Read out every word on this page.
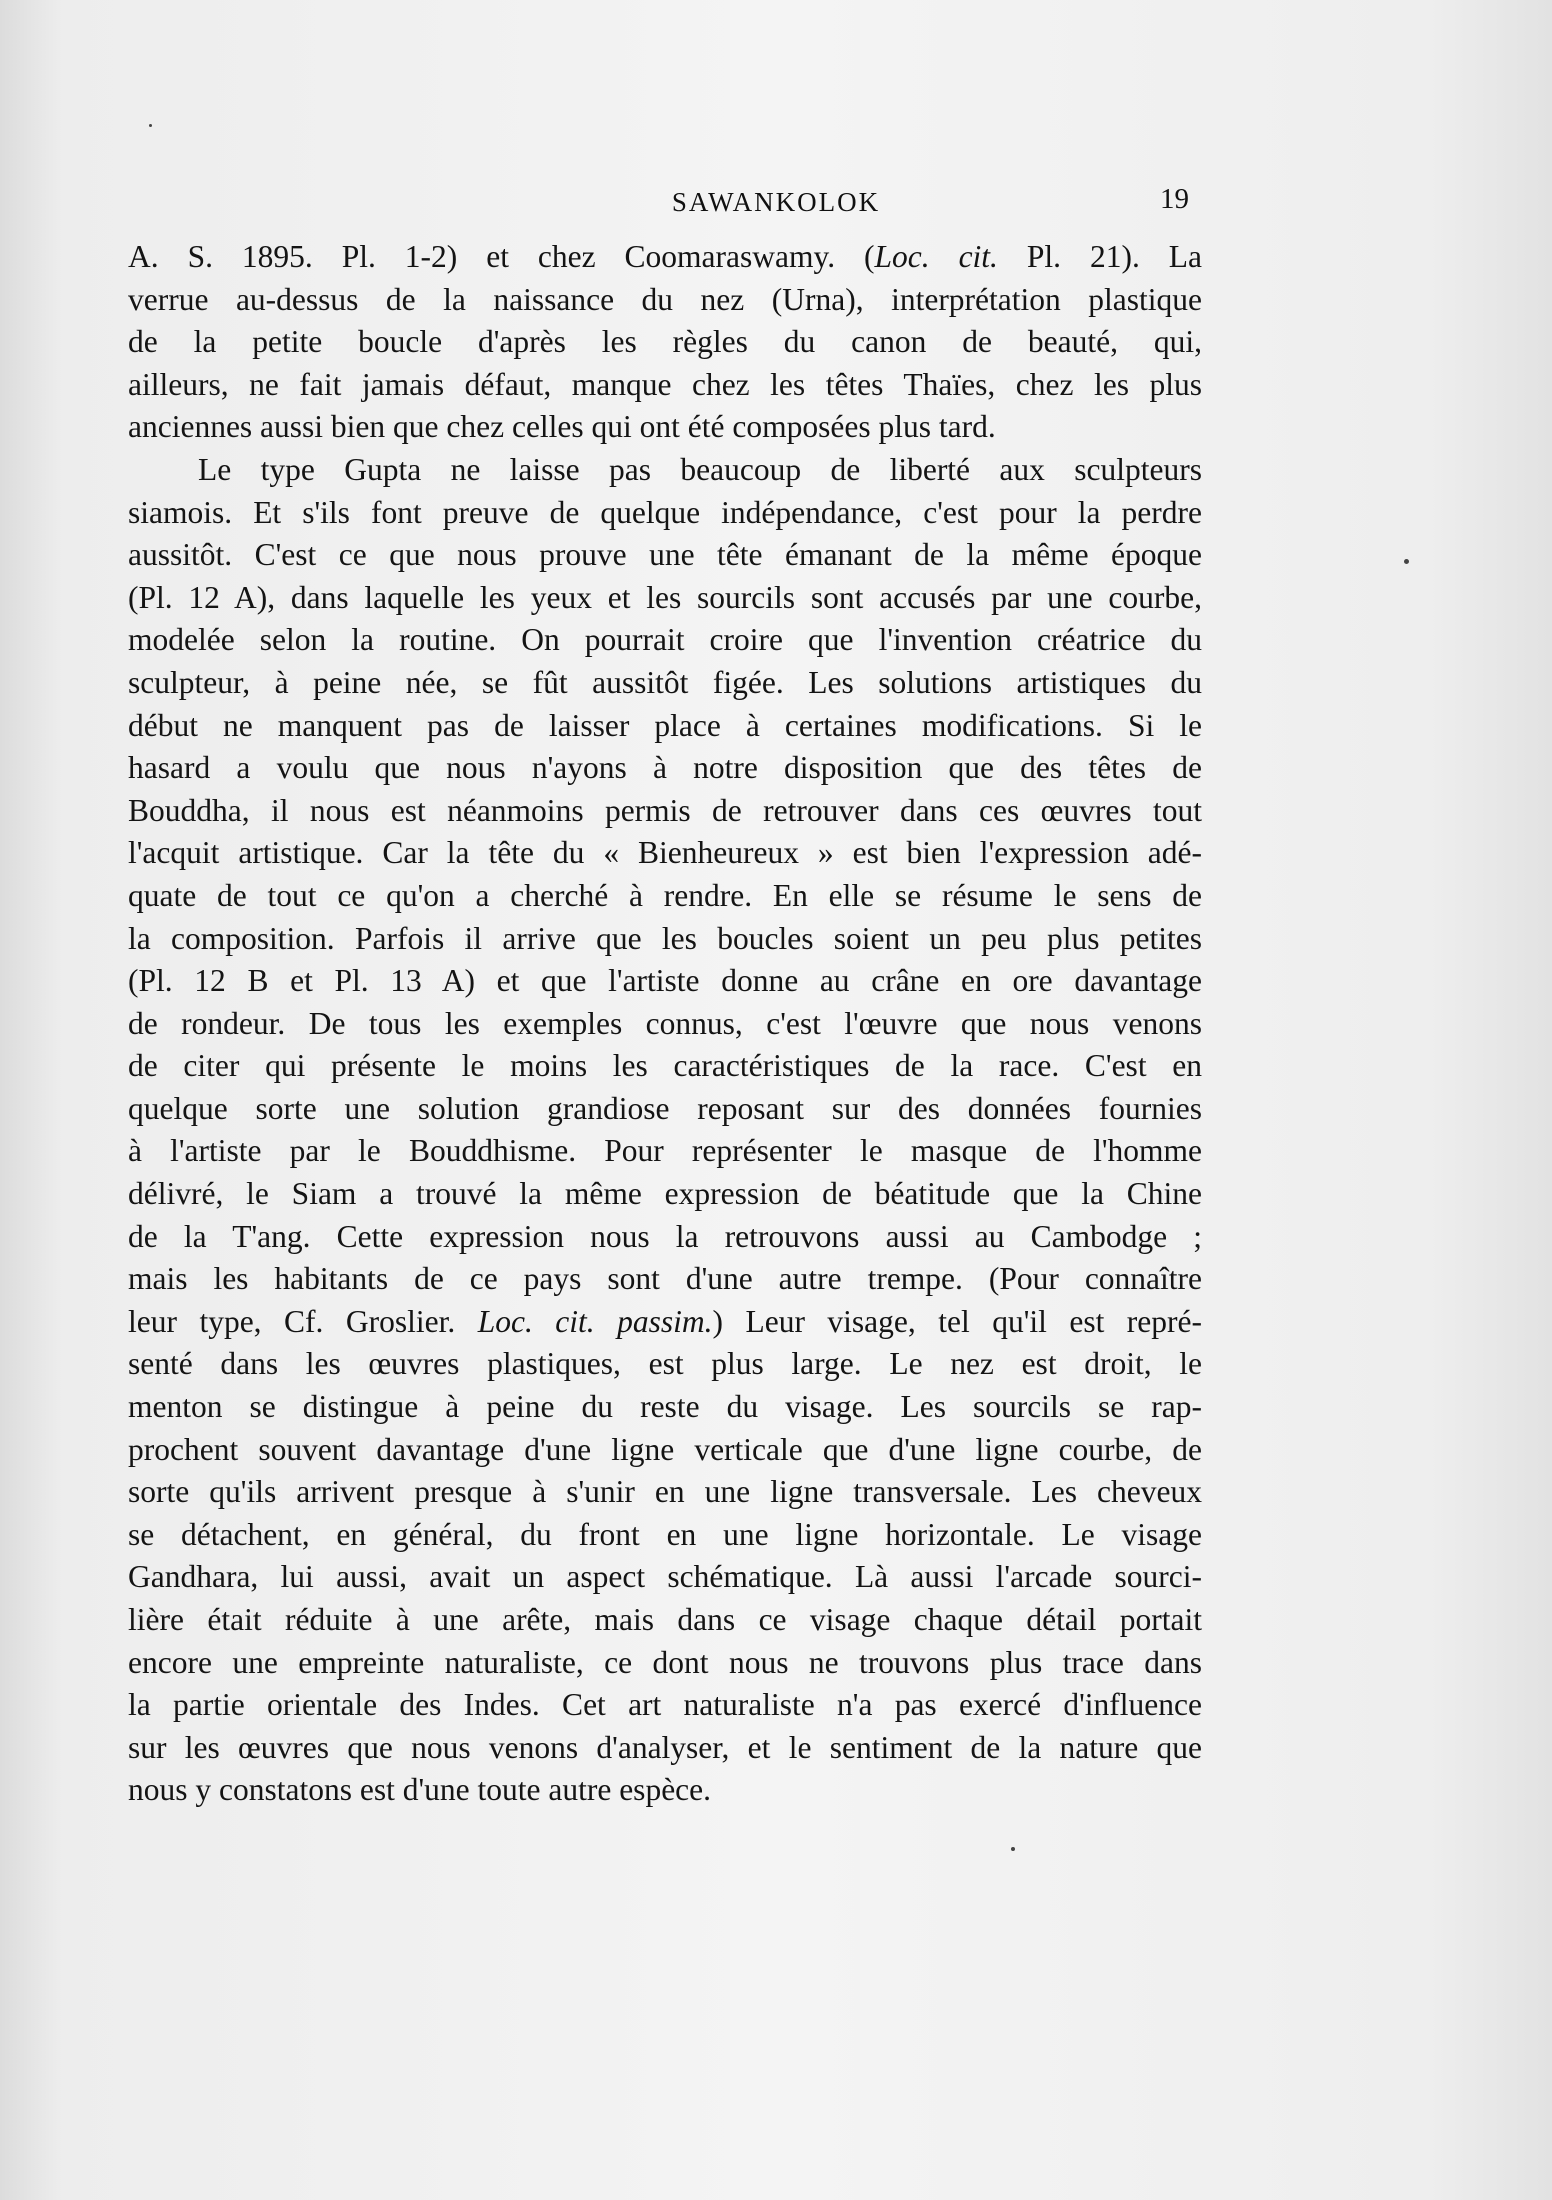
SAWANKOLOK	19
A. S. 1895. Pl. 1-2) et chez Coomaraswamy. (Loc. cit. Pl. 21). La
verrue au-dessus de la naissance du nez (Urna), interprétation plastique
de la petite boucle d'après les règles du canon de beauté, qui,
ailleurs, ne fait jamais défaut, manque chez les têtes Thaïes, chez les plus
anciennes aussi bien que chez celles qui ont été composées plus tard.
Le type Gupta ne laisse pas beaucoup de liberté aux sculpteurs
siamois. Et s'ils font preuve de quelque indépendance, c'est pour la perdre
aussitôt. C'est ce que nous prouve une tête émanant de la même époque
(Pl. 12 A), dans laquelle les yeux et les sourcils sont accusés par une courbe,
modelée selon la routine. On pourrait croire que l'invention créatrice du
sculpteur, à peine née, se fût aussitôt figée. Les solutions artistiques du
début ne manquent pas de laisser place à certaines modifications. Si le
hasard a voulu que nous n'ayons à notre disposition que des têtes de
Bouddha, il nous est néanmoins permis de retrouver dans ces œuvres tout
l'acquit artistique. Car la tête du « Bienheureux » est bien l'expression adé-
quate de tout ce qu'on a cherché à rendre. En elle se résume le sens de
la composition. Parfois il arrive que les boucles soient un peu plus petites
(Pl. 12 B et Pl. 13 A) et que l'artiste donne au crâne en ore davantage
de rondeur. De tous les exemples connus, c'est l'œuvre que nous venons
de citer qui présente le moins les caractéristiques de la race. C'est en
quelque sorte une solution grandiose reposant sur des données fournies
à l'artiste par le Bouddhisme. Pour représenter le masque de l'homme
délivré, le Siam a trouvé la même expression de béatitude que la Chine
de la T'ang. Cette expression nous la retrouvons aussi au Cambodge ;
mais les habitants de ce pays sont d'une autre trempe. (Pour connaître
leur type, Cf. Groslier. Loc. cit. passim.) Leur visage, tel qu'il est repré-
senté dans les œuvres plastiques, est plus large. Le nez est droit, le
menton se distingue à peine du reste du visage. Les sourcils se rap-
prochent souvent davantage d'une ligne verticale que d'une ligne courbe, de
sorte qu'ils arrivent presque à s'unir en une ligne transversale. Les cheveux
se détachent, en général, du front en une ligne horizontale. Le visage
Gandhara, lui aussi, avait un aspect schématique. Là aussi l'arcade sourci-
lière était réduite à une arête, mais dans ce visage chaque détail portait
encore une empreinte naturaliste, ce dont nous ne trouvons plus trace dans
la partie orientale des Indes. Cet art naturaliste n'a pas exercé d'influence
sur les œuvres que nous venons d'analyser, et le sentiment de la nature que
nous y constatons est d'une toute autre espèce.
